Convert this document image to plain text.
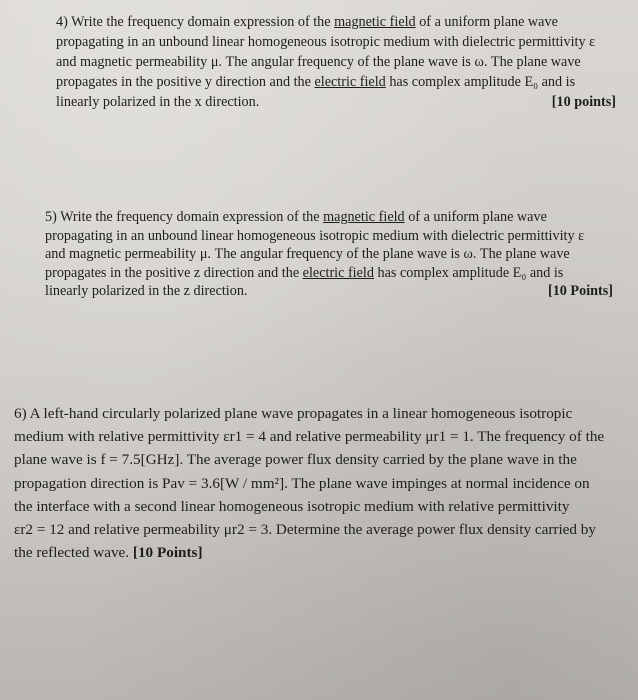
4) Write the frequency domain expression of the magnetic field of a uniform plane wave
propagating in an unbound linear homogeneous isotropic medium with dielectric permittivity ε
and magnetic permeability μ. The angular frequency of the plane wave is ω. The plane wave
propagates in the positive y direction and the electric field has complex amplitude E₀ and is
linearly polarized in the x direction.	[10 points]
5) Write the frequency domain expression of the magnetic field of a uniform plane wave
propagating in an unbound linear homogeneous isotropic medium with dielectric permittivity ε
and magnetic permeability μ. The angular frequency of the plane wave is ω. The plane wave
propagates in the positive z direction and the electric field has complex amplitude E₀ and is
linearly polarized in the z direction.	[10 Points]
6) A left-hand circularly polarized plane wave propagates in a linear homogeneous isotropic
medium with relative permittivity εr1 = 4 and relative permeability μr1 = 1. The frequency of the
plane wave is f = 7.5[GHz]. The average power flux density carried by the plane wave in the
propagation direction is Pav = 3.6[W / mm²]. The plane wave impinges at normal incidence on
the interface with a second linear homogeneous isotropic medium with relative permittivity
εr2 = 12 and relative permeability μr2 = 3. Determine the average power flux density carried by
the reflected wave. [10 Points]
